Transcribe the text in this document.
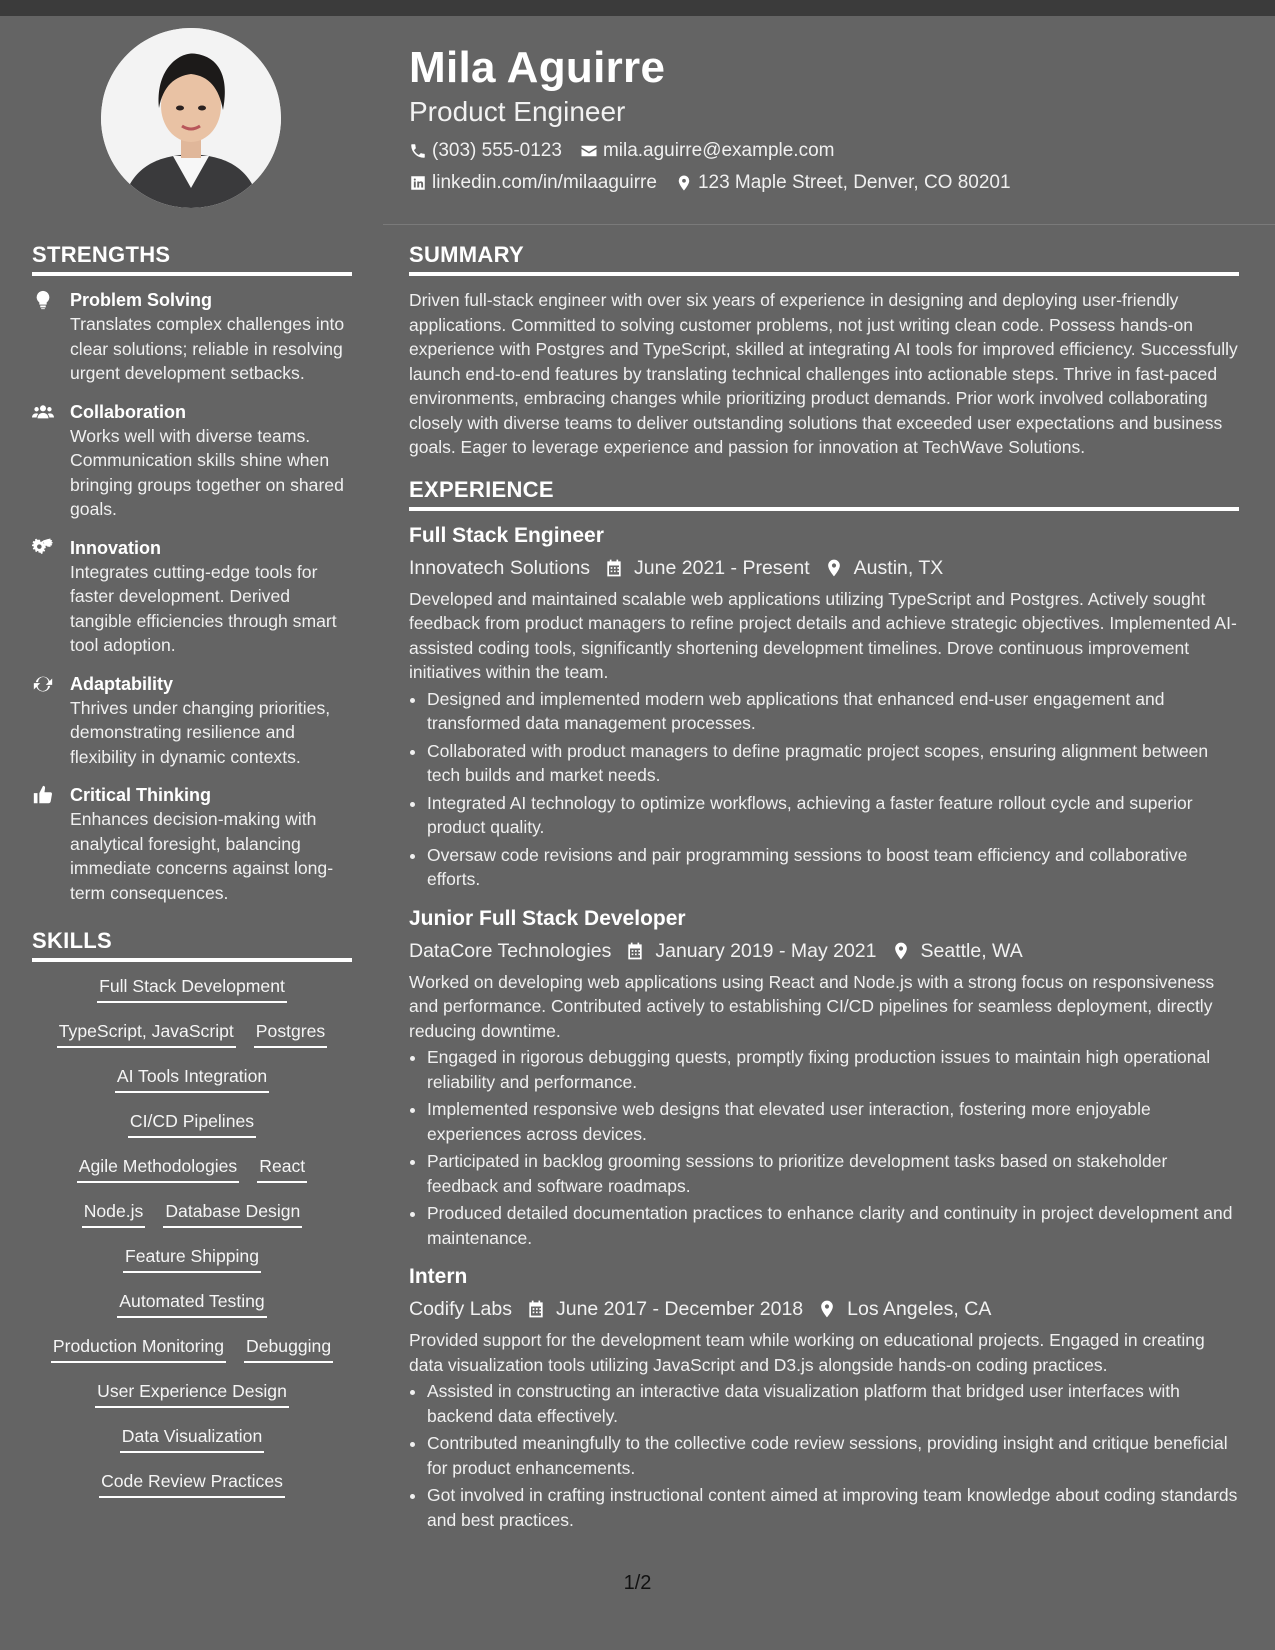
Mila Aguirre
Product Engineer
(303) 555-0123 mila.aguirre@example.com
linkedin.com/in/milaaguirre 123 Maple Street, Denver, CO 80201
STRENGTHS
Problem Solving
Translates complex challenges into clear solutions; reliable in resolving urgent development setbacks.
Collaboration
Works well with diverse teams. Communication skills shine when bringing groups together on shared goals.
Innovation
Integrates cutting-edge tools for faster development. Derived tangible efficiencies through smart tool adoption.
Adaptability
Thrives under changing priorities, demonstrating resilience and flexibility in dynamic contexts.
Critical Thinking
Enhances decision-making with analytical foresight, balancing immediate concerns against long-term consequences.
SKILLS
Full Stack Development
TypeScript, JavaScript Postgres
AI Tools Integration
CI/CD Pipelines
Agile Methodologies React
Node.js Database Design
Feature Shipping
Automated Testing
Production Monitoring Debugging
User Experience Design
Data Visualization
Code Review Practices
SUMMARY

Driven full-stack engineer with over six years of experience in designing and deploying user-friendly applications. Committed to solving customer problems, not just writing clean code. Possess hands-on experience with Postgres and TypeScript, skilled at integrating AI tools for improved efficiency. Successfully launch end-to-end features by translating technical challenges into actionable steps. Thrive in fast-paced environments, embracing changes while prioritizing product demands. Prior work involved collaborating closely with diverse teams to deliver outstanding solutions that exceeded user expectations and business goals. Eager to leverage experience and passion for innovation at TechWave Solutions.

EXPERIENCE
Full Stack Engineer
Innovatech Solutions June 2021 - Present Austin, TX

Developed and maintained scalable web applications utilizing TypeScript and Postgres. Actively sought feedback from product managers to refine project details and achieve strategic objectives. Implemented AI-assisted coding tools, significantly shortening development timelines. Drove continuous improvement initiatives within the team.

• Designed and implemented modern web applications that enhanced end-user engagement and transformed data management processes.
• Collaborated with product managers to define pragmatic project scopes, ensuring alignment between tech builds and market needs.
• Integrated AI technology to optimize workflows, achieving a faster feature rollout cycle and superior product quality.
• Oversaw code revisions and pair programming sessions to boost team efficiency and collaborative efforts.
Junior Full Stack Developer
DataCore Technologies January 2019 - May 2021 Seattle, WA

Worked on developing web applications using React and Node.js with a strong focus on responsiveness and performance. Contributed actively to establishing CI/CD pipelines for seamless deployment, directly reducing downtime.

• Engaged in rigorous debugging quests, promptly fixing production issues to maintain high operational reliability and performance.
• Implemented responsive web designs that elevated user interaction, fostering more enjoyable experiences across devices.
• Participated in backlog grooming sessions to prioritize development tasks based on stakeholder feedback and software roadmaps.
• Produced detailed documentation practices to enhance clarity and continuity in project development and maintenance.
Intern
Codify Labs June 2017 - December 2018 Los Angeles, CA

Provided support for the development team while working on educational projects. Engaged in creating data visualization tools utilizing JavaScript and D3.js alongside hands-on coding practices.

• Assisted in constructing an interactive data visualization platform that bridged user interfaces with backend data effectively.
• Contributed meaningfully to the collective code review sessions, providing insight and critique beneficial for product enhancements.
• Got involved in crafting instructional content aimed at improving team knowledge about coding standards and best practices.
1/2
